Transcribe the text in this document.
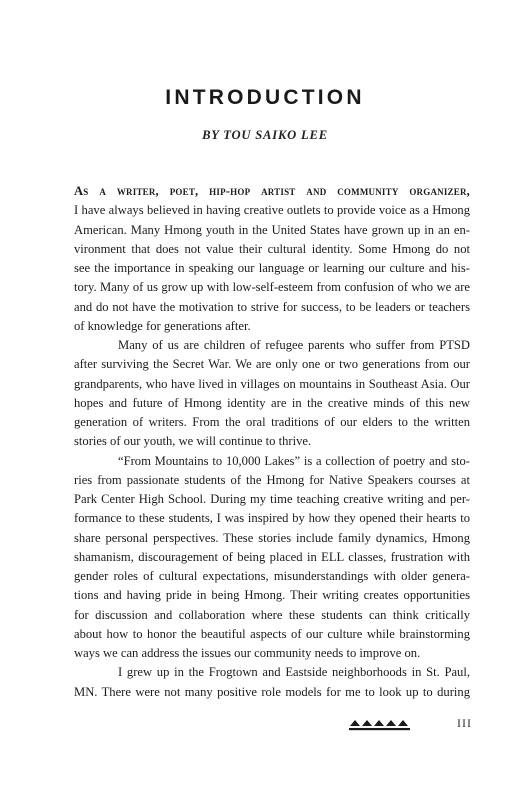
INTRODUCTION
BY TOU SAIKO LEE
As a writer, poet, hip-hop artist and community organizer,
I have always believed in having creative outlets to provide voice as a Hmong
American. Many Hmong youth in the United States have grown up in an en-
vironment that does not value their cultural identity. Some Hmong do not
see the importance in speaking our language or learning our culture and his-
tory. Many of us grow up with low-self-esteem from confusion of who we are
and do not have the motivation to strive for success, to be leaders or teachers
of knowledge for generations after.
Many of us are children of refugee parents who suffer from PTSD
after surviving the Secret War. We are only one or two generations from our
grandparents, who have lived in villages on mountains in Southeast Asia. Our
hopes and future of Hmong identity are in the creative minds of this new
generation of writers. From the oral traditions of our elders to the written
stories of our youth, we will continue to thrive.
“From Mountains to 10,000 Lakes” is a collection of poetry and sto-
ries from passionate students of the Hmong for Native Speakers courses at
Park Center High School. During my time teaching creative writing and per-
formance to these students, I was inspired by how they opened their hearts to
share personal perspectives. These stories include family dynamics, Hmong
shamanism, discouragement of being placed in ELL classes, frustration with
gender roles of cultural expectations, misunderstandings with older genera-
tions and having pride in being Hmong. Their writing creates opportunities
for discussion and collaboration where these students can think critically
about how to honor the beautiful aspects of our culture while brainstorming
ways we can address the issues our community needs to improve on.
I grew up in the Frogtown and Eastside neighborhoods in St. Paul,
MN. There were not many positive role models for me to look up to during
III
